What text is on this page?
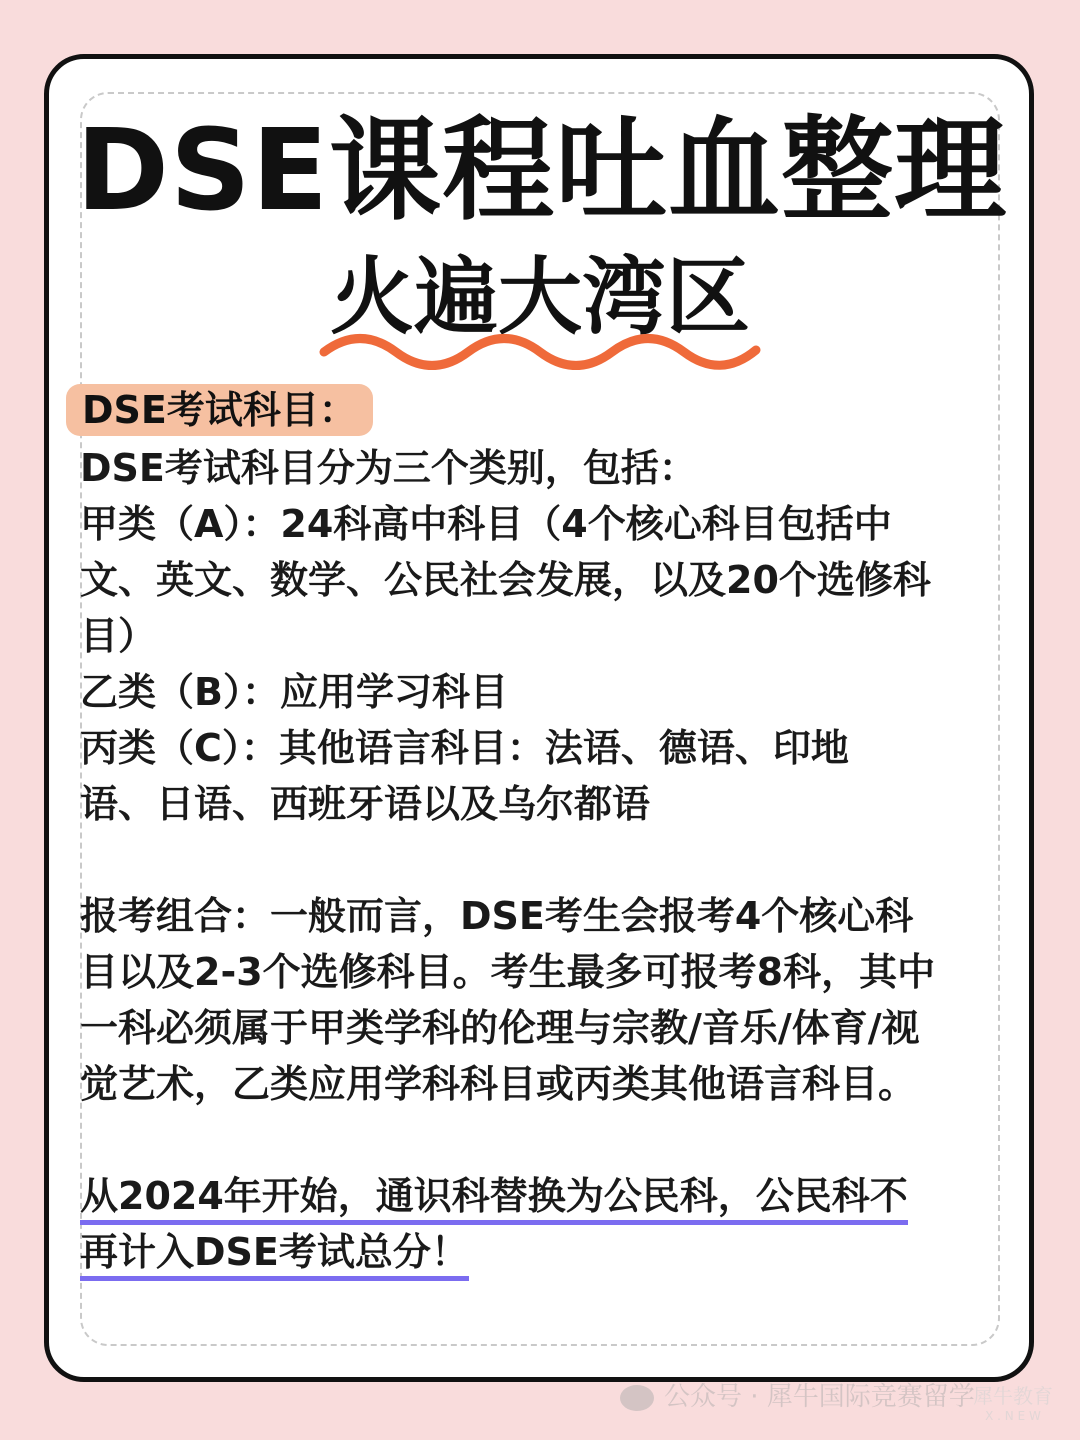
DSE课程吐血整理
火遍大湾区
DSE考试科目：
DSE考试科目分为三个类别，包括：
甲类（A）：24科高中科目（4个核心科目包括中
文、英文、数学、公民社会发展，以及20个选修科
目）
乙类（B）：应用学习科目
丙类（C）：其他语言科目：法语、德语、印地
语、日语、西班牙语以及乌尔都语
报考组合：一般而言，DSE考生会报考4个核心科
目以及2-3个选修科目。考生最多可报考8科，其中
一科必须属于甲类学科的伦理与宗教/音乐/体育/视
觉艺术，乙类应用学科科目或丙类其他语言科目。
从2024年开始，通识科替换为公民科，公民科不
再计入DSE考试总分！
公众号 · 犀牛国际竞赛留学
犀牛教育
X . N E W
